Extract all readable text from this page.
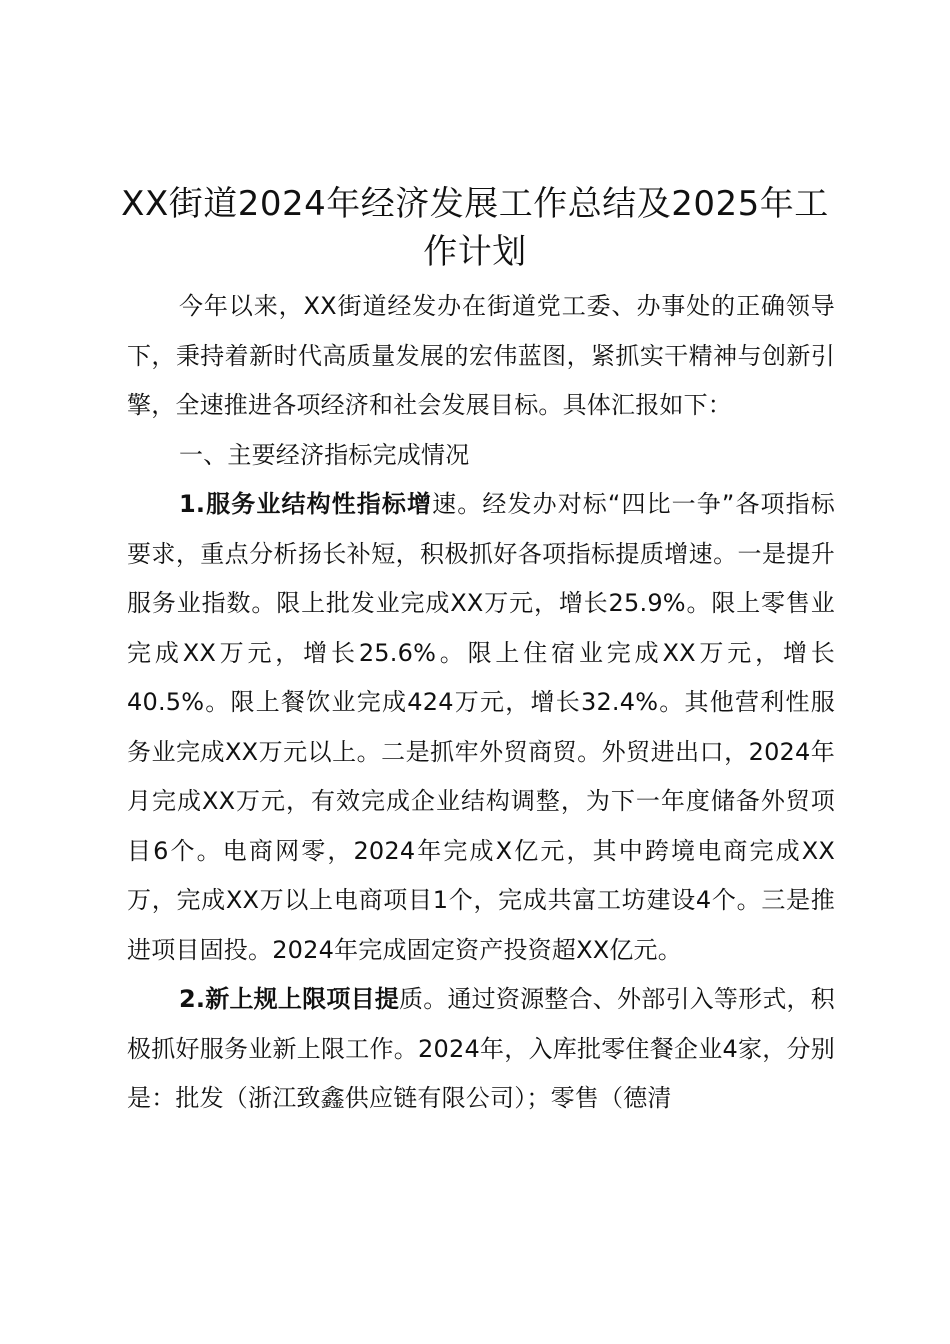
XX街道2024年经济发展工作总结及2025年工作计划

今年以来，XX街道经发办在街道党工委、办事处的正确领导下，秉持着新时代高质量发展的宏伟蓝图，紧抓实干精神与创新引擎，全速推进各项经济和社会发展目标。具体汇报如下：

一、主要经济指标完成情况

1.服务业结构性指标增速。经发办对标“四比一争”各项指标要求，重点分析扬长补短，积极抓好各项指标提质增速。一是提升服务业指数。限上批发业完成XX万元，增长25.9%。限上零售业完成XX万元，增长25.6%。限上住宿业完成XX万元，增长40.5%。限上餐饮业完成424万元，增长32.4%。其他营利性服务业完成XX万元以上。二是抓牢外贸商贸。外贸进出口，2024年月完成XX万元，有效完成企业结构调整，为下一年度储备外贸项目6个。电商网零，2024年完成X亿元，其中跨境电商完成XX万，完成XX万以上电商项目1个，完成共富工坊建设4个。三是推进项目固投。2024年完成固定资产投资超XX亿元。

2.新上规上限项目提质。通过资源整合、外部引入等形式，积极抓好服务业新上限工作。2024年，入库批零住餐企业4家，分别是：批发（浙江致鑫供应链有限公司）；零售（德清
